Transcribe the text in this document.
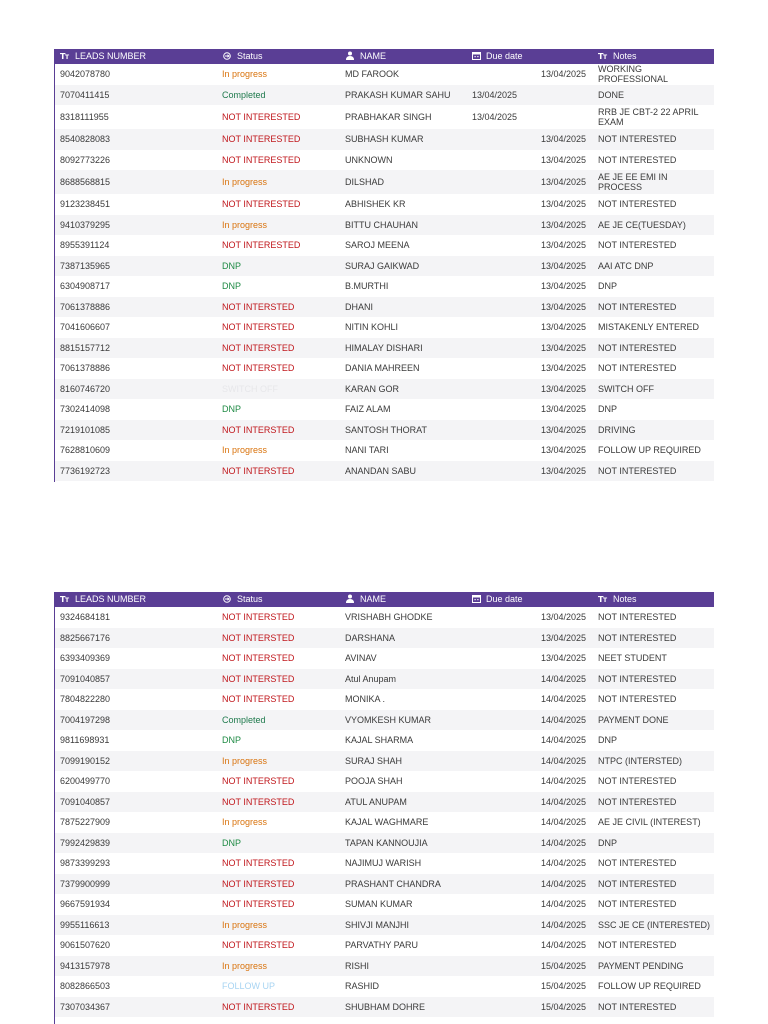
T T LEADS NUMBER	Status	NAME	Due date		T T Notes
9042078780	In progress	MD FAROOK		13/04/2025	WORKING PROFESSIONAL
7070411415	Completed	PRAKASH KUMAR SAHU	13/04/2025		DONE
8318111955	NOT INTERESTED	PRABHAKAR SINGH	13/04/2025		RRB JE CBT-2 22 APRIL EXAM
8540828083	NOT INTERESTED	SUBHASH KUMAR		13/04/2025	NOT INTERESTED
8092773226	NOT INTERESTED	UNKNOWN		13/04/2025	NOT INTERESTED
8688568815	In progress	DILSHAD		13/04/2025	AE JE EE EMI IN PROCESS
9123238451	NOT INTERESTED	ABHISHEK KR		13/04/2025	NOT INTERESTED
9410379295	In progress	BITTU CHAUHAN		13/04/2025	AE JE CE(TUESDAY)
8955391124	NOT INTERESTED	SAROJ MEENA		13/04/2025	NOT INTERESTED
7387135965	DNP	SURAJ GAIKWAD		13/04/2025	AAI ATC DNP
6304908717	DNP	B.MURTHI		13/04/2025	DNP
7061378886	NOT INTERSTED	DHANI		13/04/2025	NOT INTERESTED
7041606607	NOT INTERSTED	NITIN KOHLI		13/04/2025	MISTAKENLY ENTERED
8815157712	NOT INTERSTED	HIMALAY DISHARI		13/04/2025	NOT INTERESTED
7061378886	NOT INTERSTED	DANIA MAHREEN		13/04/2025	NOT INTERESTED
8160746720	SWITCH OFF	KARAN GOR		13/04/2025	SWITCH OFF
7302414098	DNP	FAIZ ALAM		13/04/2025	DNP
7219101085	NOT INTERSTED	SANTOSH THORAT		13/04/2025	DRIVING
7628810609	In progress	NANI TARI		13/04/2025	FOLLOW UP REQUIRED
7736192723	NOT INTERSTED	ANANDAN SABU		13/04/2025	NOT INTERESTED
T T LEADS NUMBER	Status	NAME	Due date		T T Notes
9324684181	NOT INTERSTED	VRISHABH GHODKE		13/04/2025	NOT INTERESTED
8825667176	NOT INTERSTED	DARSHANA		13/04/2025	NOT INTERESTED
6393409369	NOT INTERSTED	AVINAV		13/04/2025	NEET STUDENT
7091040857	NOT INTERSTED	Atul Anupam		14/04/2025	NOT INTERESTED
7804822280	NOT INTERSTED	MONIKA .		14/04/2025	NOT INTERESTED
7004197298	Completed	VYOMKESH KUMAR		14/04/2025	PAYMENT DONE
9811698931	DNP	KAJAL SHARMA		14/04/2025	DNP
7099190152	In progress	SURAJ SHAH		14/04/2025	NTPC (INTERSTED)
6200499770	NOT INTERSTED	POOJA SHAH		14/04/2025	NOT INTERESTED
7091040857	NOT INTERSTED	ATUL ANUPAM		14/04/2025	NOT INTERESTED
7875227909	In progress	KAJAL WAGHMARE		14/04/2025	AE JE CIVIL (INTEREST)
7992429839	DNP	TAPAN KANNOUJIA		14/04/2025	DNP
9873399293	NOT INTERSTED	NAJIMUJ WARISH		14/04/2025	NOT INTERESTED
7379900999	NOT INTERSTED	PRASHANT CHANDRA		14/04/2025	NOT INTERESTED
9667591934	NOT INTERSTED	SUMAN KUMAR		14/04/2025	NOT INTERESTED
9955116613	In progress	SHIVJI MANJHI		14/04/2025	SSC JE CE (INTERESTED)
9061507620	NOT INTERSTED	PARVATHY PARU		14/04/2025	NOT INTERESTED
9413157978	In progress	RISHI		15/04/2025	PAYMENT PENDING
8082866503	FOLLOW UP	RASHID		15/04/2025	FOLLOW UP REQUIRED
7307034367	NOT INTERSTED	SHUBHAM DOHRE		15/04/2025	NOT INTERESTED
